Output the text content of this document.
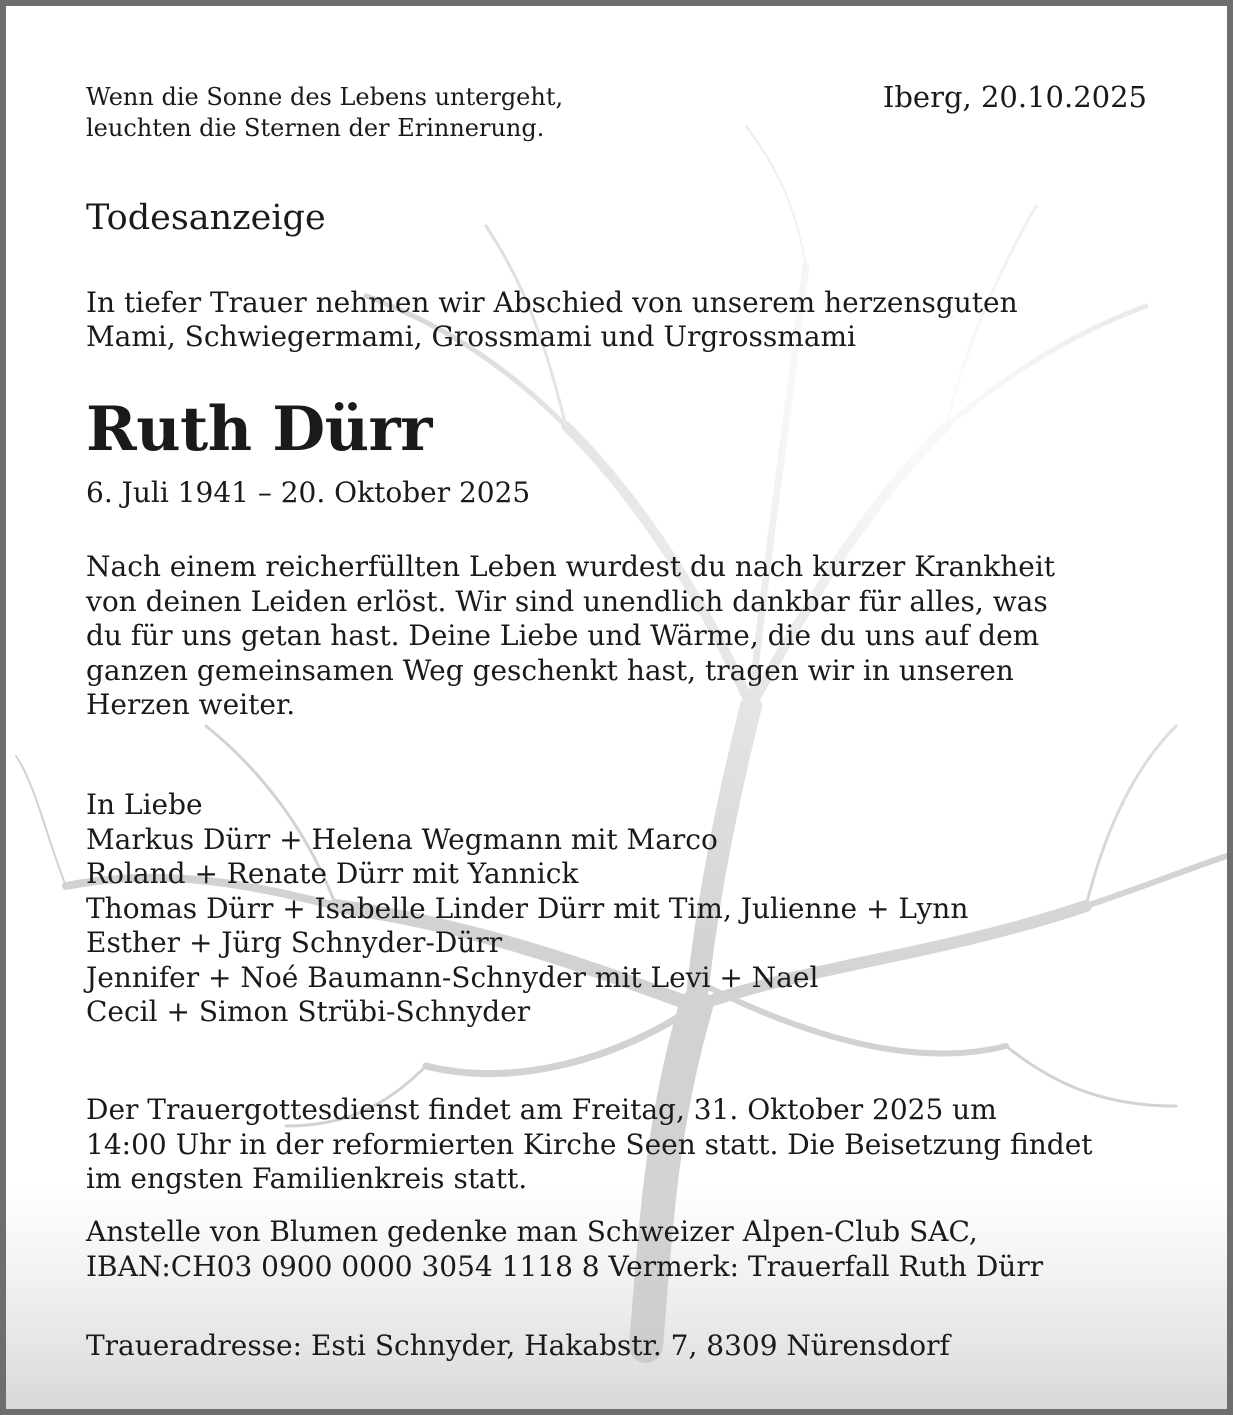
Wenn die Sonne des Lebens untergeht,
leuchten die Sternen der Erinnerung.

Iberg, 20.10.2025

Todesanzeige

In tiefer Trauer nehmen wir Abschied von unserem herzensguten
Mami, Schwiegermami, Grossmami und Urgrossmami

Ruth Dürr

6. Juli 1941 – 20. Oktober 2025

Nach einem reicherfüllten Leben wurdest du nach kurzer Krankheit
von deinen Leiden erlöst. Wir sind unendlich dankbar für alles, was
du für uns getan hast. Deine Liebe und Wärme, die du uns auf dem
ganzen gemeinsamen Weg geschenkt hast, tragen wir in unseren
Herzen weiter.

In Liebe
Markus Dürr + Helena Wegmann mit Marco
Roland + Renate Dürr mit Yannick
Thomas Dürr + Isabelle Linder Dürr mit Tim, Julienne + Lynn
Esther + Jürg Schnyder-Dürr
Jennifer + Noé Baumann-Schnyder mit Levi + Nael
Cecil + Simon Strübi-Schnyder

Der Trauergottesdienst findet am Freitag, 31. Oktober 2025 um
14:00 Uhr in der reformierten Kirche Seen statt. Die Beisetzung findet
im engsten Familienkreis statt.

Anstelle von Blumen gedenke man Schweizer Alpen-Club SAC,
IBAN:CH03 0900 0000 3054 1118 8 Vermerk: Trauerfall Ruth Dürr

Traueradresse: Esti Schnyder, Hakabstr. 7, 8309 Nürensdorf
